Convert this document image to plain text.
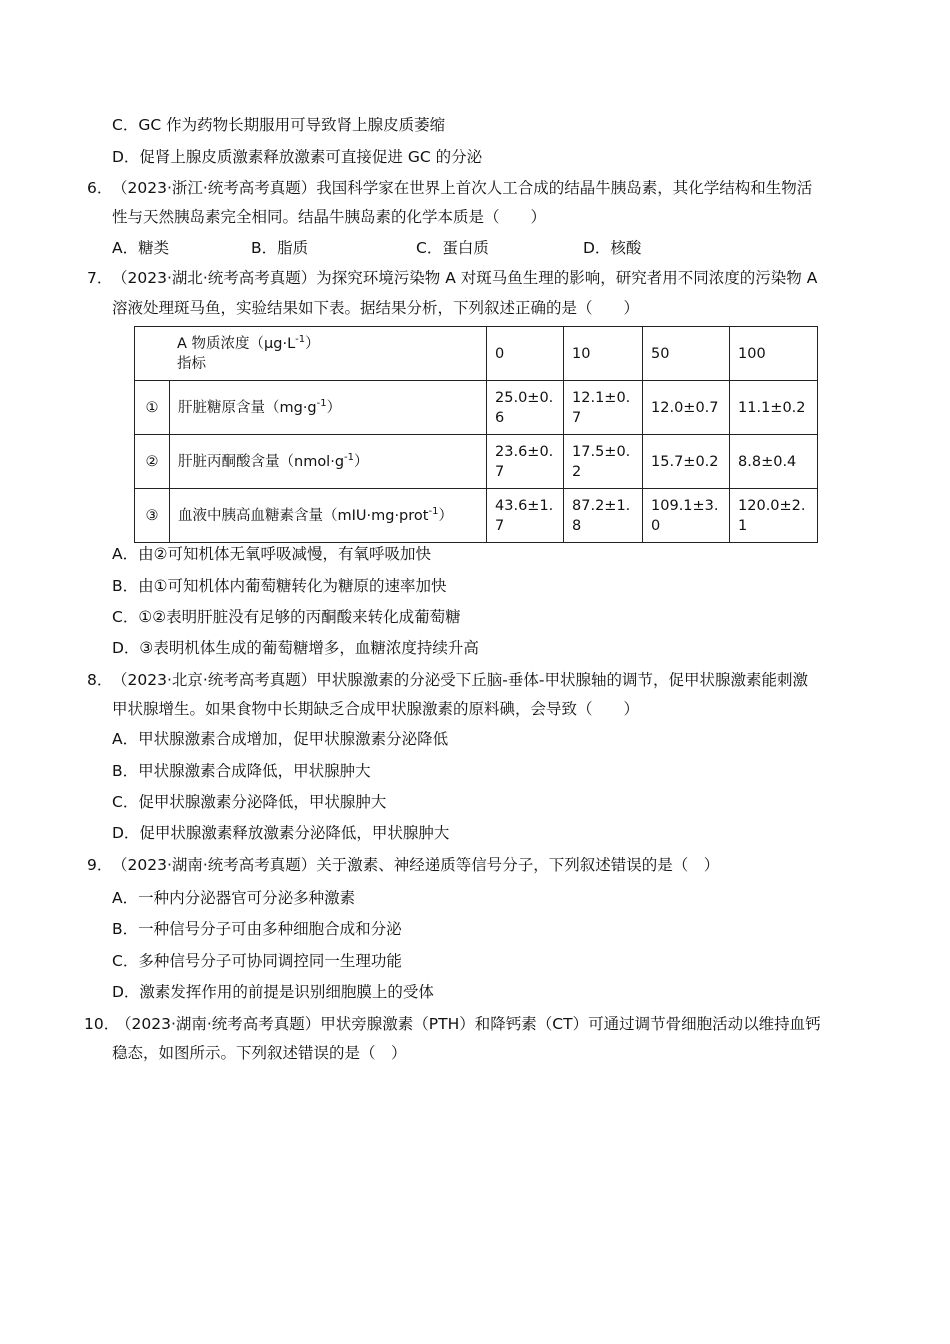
C．GC 作为药物长期服用可导致肾上腺皮质萎缩
D．促肾上腺皮质激素释放激素可直接促进 GC 的分泌
6． （2023·浙江·统考高考真题）我国科学家在世界上首次人工合成的结晶牛胰岛素，其化学结构和生物活
性与天然胰岛素完全相同。结晶牛胰岛素的化学本质是（　　）
A．糖类	B．脂质	C．蛋白质	D．核酸
7． （2023·湖北·统考高考真题）为探究环境污染物 A 对斑马鱼生理的影响，研究者用不同浓度的污染物 A
溶液处理斑马鱼，实验结果如下表。据结果分析，下列叙述正确的是（　　）
A 物质浓度$(\mu g\cdot L^{-1})$
指标		0	10	50	100
①	肝脏糖原含量$(mg\cdot g^{-1})$	25.0±0.6	12.1±0.7	12.0±0.7	11.1±0.2
②	肝脏丙酮酸含量$(nmol\cdot g^{-1})$	23.6±0.7	17.5±0.2	15.7±0.2	8.8±0.4
③	血液中胰高血糖素含量（mIU·mg·prot$^{-1}$）	43.6±1.7	87.2±1.8	109.1±3.0	120.0±2.1
A．由②可知机体无氧呼吸减慢，有氧呼吸加快
B．由①可知机体内葡萄糖转化为糖原的速率加快
C．①②表明肝脏没有足够的丙酮酸来转化成葡萄糖
D．③表明机体生成的葡萄糖增多，血糖浓度持续升高
8． （2023·北京·统考高考真题）甲状腺激素的分泌受下丘脑-垂体-甲状腺轴的调节，促甲状腺激素能刺激
甲状腺增生。如果食物中长期缺乏合成甲状腺激素的原料碘，会导致（　　）
A．甲状腺激素合成增加，促甲状腺激素分泌降低
B．甲状腺激素合成降低，甲状腺肿大
C．促甲状腺激素分泌降低，甲状腺肿大
D．促甲状腺激素释放激素分泌降低，甲状腺肿大
9． （2023·湖南·统考高考真题）关于激素、神经递质等信号分子，下列叙述错误的是（　）
A．一种内分泌器官可分泌多种激素
B．一种信号分子可由多种细胞合成和分泌
C．多种信号分子可协同调控同一生理功能
D．激素发挥作用的前提是识别细胞膜上的受体
10．
（2023·湖南·统考高考真题）甲状旁腺激素（PTH）和降钙素（CT）可通过调节骨细胞活动以维持血钙
稳态，如图所示。下列叙述错误的是（　）
